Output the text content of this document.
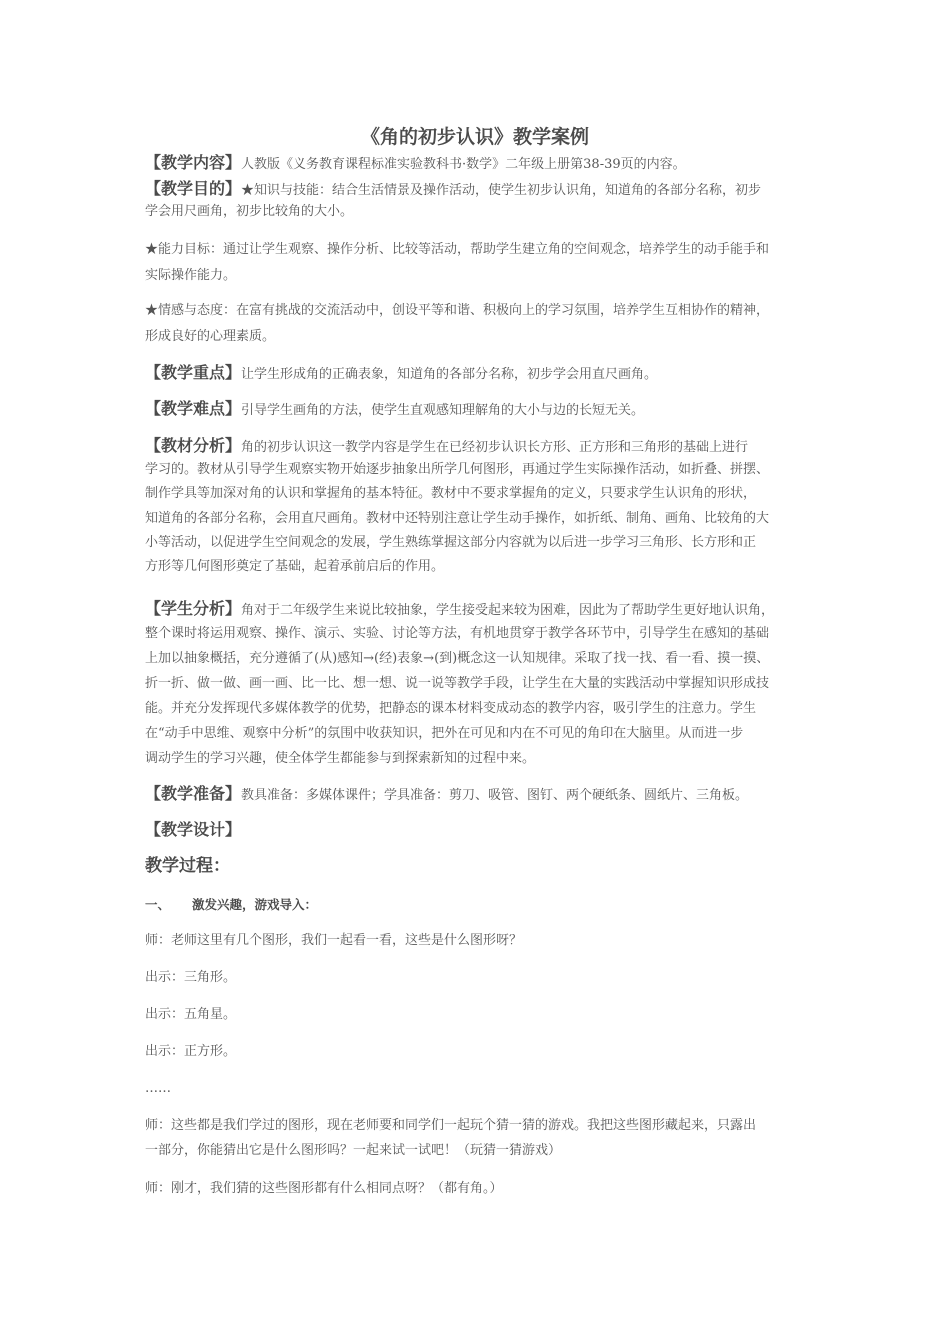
《角的初步认识》教学案例
【教学内容】人教版《义务教育课程标准实验教科书·数学》二年级上册第38-39页的内容。
【教学目的】★知识与技能：结合生活情景及操作活动，使学生初步认识角，知道角的各部分名称，初步
学会用尺画角，初步比较角的大小。
★能力目标：通过让学生观察、操作分析、比较等活动，帮助学生建立角的空间观念，培养学生的动手能手和
实际操作能力。
★情感与态度：在富有挑战的交流活动中，创设平等和谐、积极向上的学习氛围，培养学生互相协作的精神，
形成良好的心理素质。
【教学重点】让学生形成角的正确表象，知道角的各部分名称，初步学会用直尺画角。
【教学难点】引导学生画角的方法，使学生直观感知理解角的大小与边的长短无关。
【教材分析】角的初步认识这一教学内容是学生在已经初步认识长方形、正方形和三角形的基础上进行
学习的。教材从引导学生观察实物开始逐步抽象出所学几何图形，再通过学生实际操作活动，如折叠、拼摆、
制作学具等加深对角的认识和掌握角的基本特征。教材中不要求掌握角的定义，只要求学生认识角的形状，
知道角的各部分名称，会用直尺画角。教材中还特别注意让学生动手操作，如折纸、制角、画角、比较角的大
小等活动，以促进学生空间观念的发展，学生熟练掌握这部分内容就为以后进一步学习三角形、长方形和正
方形等几何图形奠定了基础，起着承前启后的作用。
【学生分析】角对于二年级学生来说比较抽象，学生接受起来较为困难，因此为了帮助学生更好地认识角，
整个课时将运用观察、操作、演示、实验、讨论等方法，有机地贯穿于教学各环节中，引导学生在感知的基础
上加以抽象概括，充分遵循了(从)感知→(经)表象→(到)概念这一认知规律。采取了找一找、看一看、摸一摸、
折一折、做一做、画一画、比一比、想一想、说一说等教学手段，让学生在大量的实践活动中掌握知识形成技
能。并充分发挥现代多媒体教学的优势，把静态的课本材料变成动态的教学内容，吸引学生的注意力。学生
在“动手中思维、观察中分析”的氛围中收获知识，把外在可见和内在不可见的角印在大脑里。从而进一步
调动学生的学习兴趣，使全体学生都能参与到探索新知的过程中来。
【教学准备】教具准备：多媒体课件；学具准备：剪刀、吸管、图钉、两个硬纸条、圆纸片、三角板。
【教学设计】
教学过程：
一、 激发兴趣，游戏导入：
师：老师这里有几个图形，我们一起看一看，这些是什么图形呀？
出示：三角形。
出示：五角星。
出示：正方形。
……
师：这些都是我们学过的图形，现在老师要和同学们一起玩个猜一猜的游戏。我把这些图形藏起来，只露出
一部分，你能猜出它是什么图形吗？一起来试一试吧！（玩猜一猜游戏）
师：刚才，我们猜的这些图形都有什么相同点呀？（都有角。）
